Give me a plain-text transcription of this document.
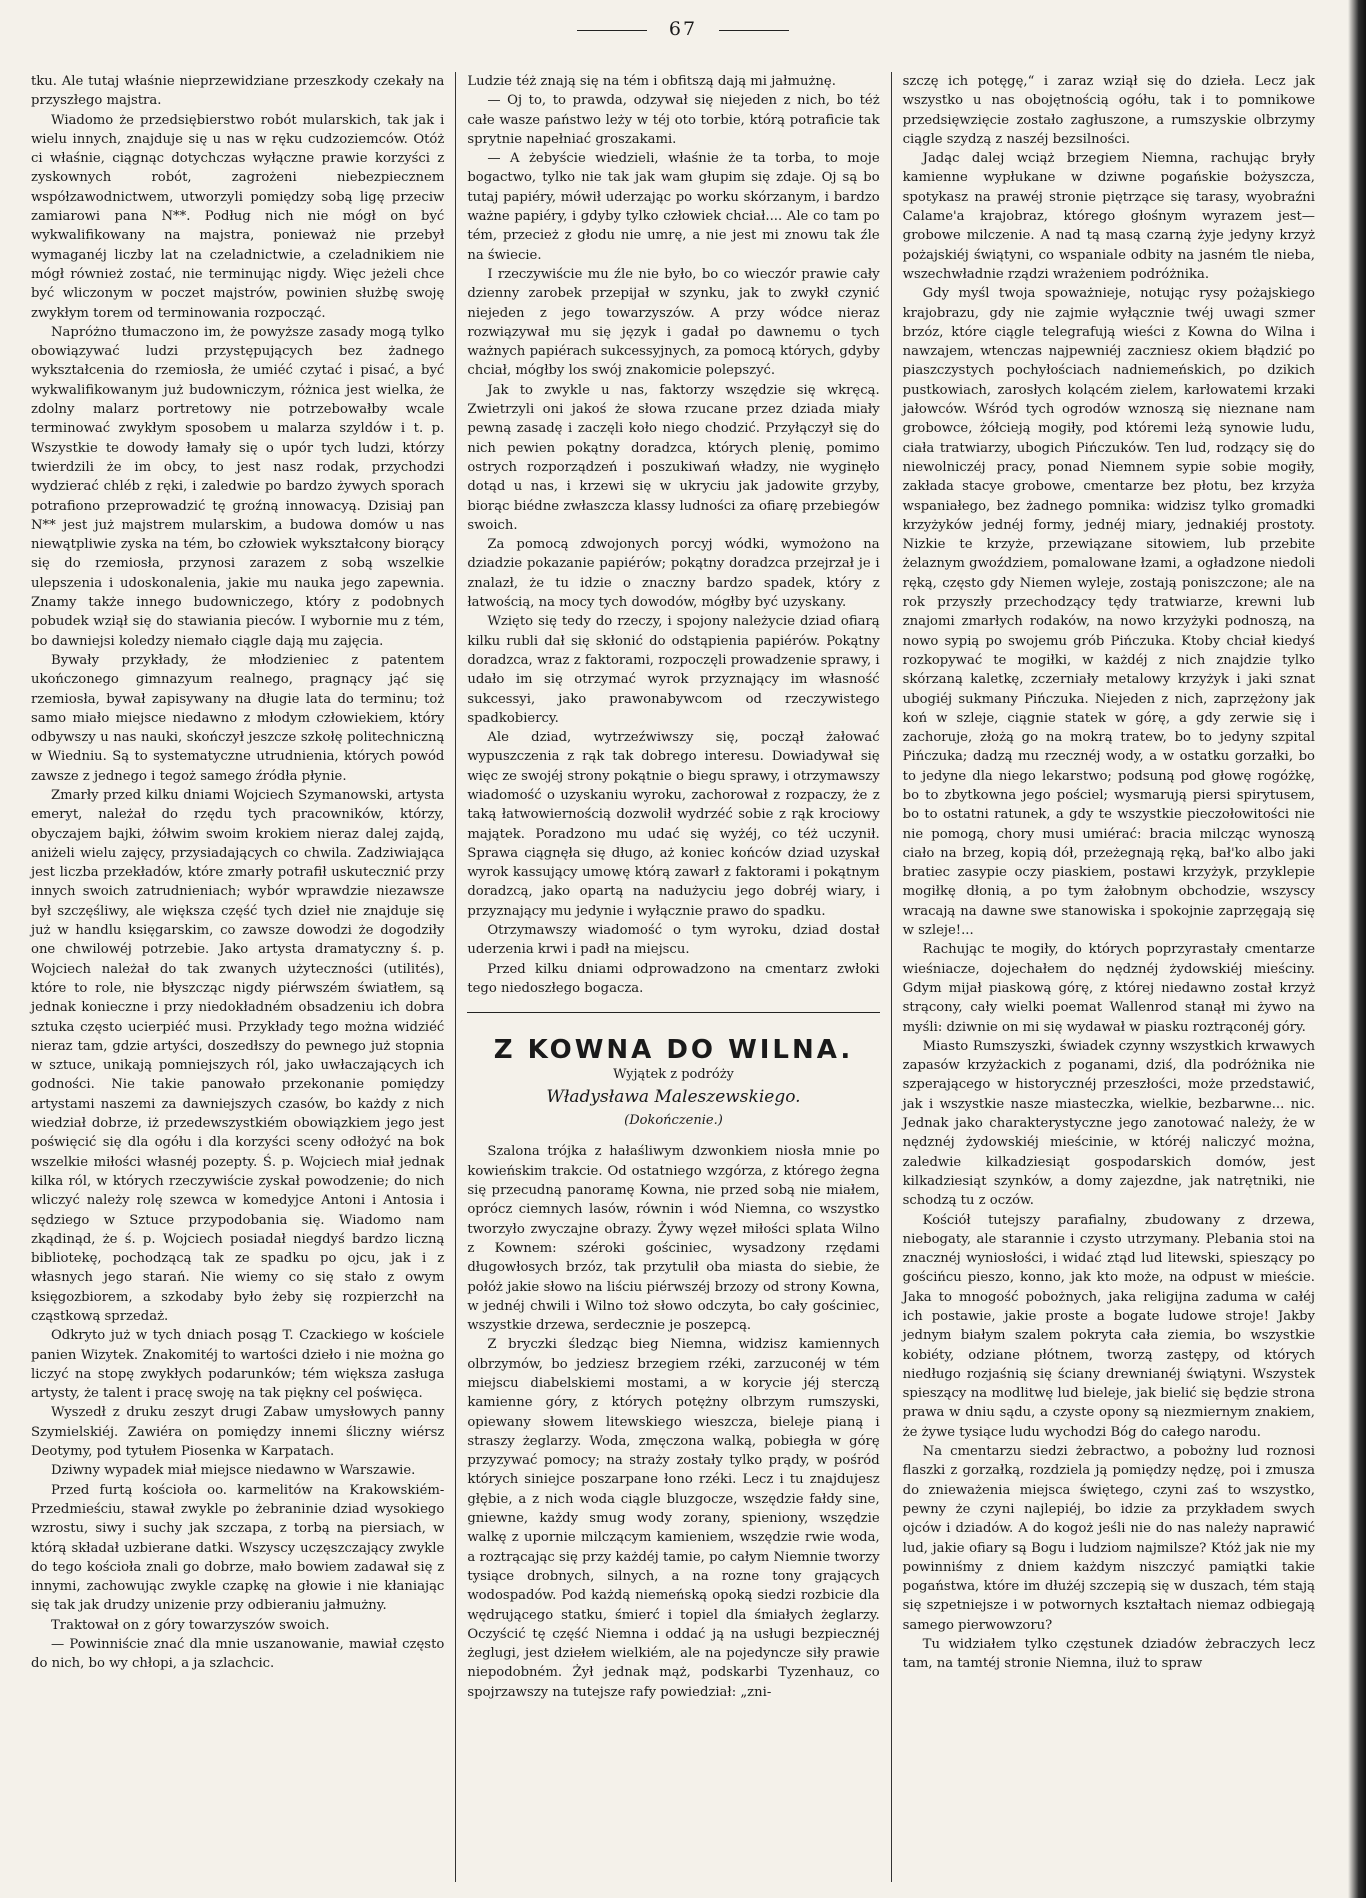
67

tku. Ale tutaj właśnie nieprzewidziane przeszkody czekały na przyszłego majstra.

Wiadomo że przedsiębierstwo robót mularskich, tak jak i wielu innych, znajduje się u nas w ręku cudzoziemców. Otóż ci właśnie, ciągnąc dotychczas wyłączne prawie korzyści z zyskownych robót, zagrożeni niebezpiecznem współzawodnictwem, utworzyli pomiędzy sobą ligę przeciw zamiarowi pana N**. Podług nich nie mógł on być wykwalifikowany na majstra, ponieważ nie przebył wymaganéj liczby lat na czeladnictwie, a czeladnikiem nie mógł również zostać, nie terminując nigdy. Więc jeżeli chce być wliczonym w poczet majstrów, powinien służbę swoję zwykłym torem od terminowania rozpocząć.

Napróżno tłumaczono im, że powyższe zasady mogą tylko obowiązywać ludzi przystępujących bez żadnego wykształcenia do rzemiosła, że umiéć czytać i pisać, a być wykwalifikowanym już budowniczym, różnica jest wielka, że zdolny malarz portretowy nie potrzebowałby wcale terminować zwykłym sposobem u malarza szyldów i t. p. Wszystkie te dowody łamały się o upór tych ludzi, którzy twierdzili że im obcy, to jest nasz rodak, przychodzi wydzierać chléb z ręki, i zaledwie po bardzo żywych sporach potrafiono przeprowadzić tę groźną innowacyą. Dzisiaj pan N** jest już majstrem mularskim, a budowa domów u nas niewątpliwie zyska na tém, bo człowiek wykształcony biorący się do rzemiosła, przynosi zarazem z sobą wszelkie ulepszenia i udoskonalenia, jakie mu nauka jego zapewnia. Znamy także innego budowniczego, który z podobnych pobudek wziął się do stawiania pieców. I wybornie mu z tém, bo dawniejsi koledzy niemało ciągle dają mu zajęcia.

Bywały przykłady, że młodzieniec z patentem ukończonego gimnazyum realnego, pragnący jąć się rzemiosła, bywał zapisywany na długie lata do terminu; toż samo miało miejsce niedawno z młodym człowiekiem, który odbywszy u nas nauki, skończył jeszcze szkołę politechniczną w Wiedniu. Są to systematyczne utrudnienia, których powód zawsze z jednego i tegoż samego źródła płynie.

Zmarły przed kilku dniami Wojciech Szymanowski, artysta emeryt, należał do rzędu tych pracowników, którzy, obyczajem bajki, żółwim swoim krokiem nieraz dalej zajdą, aniżeli wielu zajęcy, przysiadających co chwila. Zadziwiająca jest liczba przekładów, które zmarły potrafił uskutecznić przy innych swoich zatrudnieniach; wybór wprawdzie niezawsze był szczęśliwy, ale większa część tych dzieł nie znajduje się już w handlu księgarskim, co zawsze dowodzi że dogodziły one chwilowéj potrzebie. Jako artysta dramatyczny ś. p. Wojciech należał do tak zwanych użyteczności (utilités), które to role, nie błyszcząc nigdy piérwszém światłem, są jednak konieczne i przy niedokładném obsadzeniu ich dobra sztuka często ucierpiéć musi. Przykłady tego można widziéć nieraz tam, gdzie artyści, doszedłszy do pewnego już stopnia w sztuce, unikają pomniejszych ról, jako uwłaczających ich godności. Nie takie panowało przekonanie pomiędzy artystami naszemi za dawniejszych czasów, bo każdy z nich wiedział dobrze, iż przedewszystkiém obowiązkiem jego jest poświęcić się dla ogółu i dla korzyści sceny odłożyć na bok wszelkie miłości własnéj pozepty. Ś. p. Wojciech miał jednak kilka ról, w których rzeczywiście zyskał powodzenie; do nich wliczyć należy rolę szewca w komedyjce Antoni i Antosia i sędziego w Sztuce przypodobania się. Wiadomo nam zkądinąd, że ś. p. Wojciech posiadał niegdyś bardzo liczną bibliotekę, pochodzącą tak ze spadku po ojcu, jak i z własnych jego starań. Nie wiemy co się stało z owym księgozbiorem, a szkodaby było żeby się rozpierzchł na cząstkową sprzedaż.

Odkryto już w tych dniach posąg T. Czackiego w kościele panien Wizytek. Znakomitéj to wartości dzieło i nie można go liczyć na stopę zwykłych podarunków; tém większa zasługa artysty, że talent i pracę swoję na tak piękny cel poświęca.

Wyszedł z druku zeszyt drugi Zabaw umysłowych panny Szymielskiéj. Zawiéra on pomiędzy innemi śliczny wiérsz Deotymy, pod tytułem Piosenka w Karpatach.

Dziwny wypadek miał miejsce niedawno w Warszawie.

Przed furtą kościoła oo. karmelitów na Krakowskiém-Przedmieściu, stawał zwykle po żebraninie dziad wysokiego wzrostu, siwy i suchy jak szczapa, z torbą na piersiach, w którą składał uzbierane datki. Wszyscy uczęszczający zwykle do tego kościoła znali go dobrze, mało bowiem zadawał się z innymi, zachowując zwykle czapkę na głowie i nie kłaniając się tak jak drudzy unizenie przy odbieraniu jałmużny.

Traktował on z góry towarzyszów swoich.

— Powinniście znać dla mnie uszanowanie, mawiał często do nich, bo wy chłopi, a ja szlachcic.

Ludzie téż znają się na tém i obfitszą dają mi jałmużnę.

— Oj to, to prawda, odzywał się niejeden z nich, bo téż całe wasze państwo leży w téj oto torbie, którą potraficie tak sprytnie napełniać groszakami.

— A żebyście wiedzieli, właśnie że ta torba, to moje bogactwo, tylko nie tak jak wam głupim się zdaje. Oj są bo tutaj papiéry, mówił uderzając po worku skórzanym, i bardzo ważne papiéry, i gdyby tylko człowiek chciał.... Ale co tam po tém, przecież z głodu nie umrę, a nie jest mi znowu tak źle na świecie.

I rzeczywiście mu źle nie było, bo co wieczór prawie cały dzienny zarobek przepijał w szynku, jak to zwykł czynić niejeden z jego towarzyszów. A przy wódce nieraz rozwiązywał mu się język i gadał po dawnemu o tych ważnych papiérach sukcessyjnych, za pomocą których, gdyby chciał, mógłby los swój znakomicie polepszyć.

Jak to zwykle u nas, faktorzy wszędzie się wkręcą. Zwietrzyli oni jakoś że słowa rzucane przez dziada miały pewną zasadę i zaczęli koło niego chodzić. Przyłączył się do nich pewien pokątny doradzca, których plenię, pomimo ostrych rozporządzeń i poszukiwań władzy, nie wyginęło dotąd u nas, i krzewi się w ukryciu jak jadowite grzyby, biorąc biédne zwłaszcza klassy ludności za ofiarę przebiegów swoich.

Za pomocą zdwojonych porcyj wódki, wymożono na dziadzie pokazanie papiérów; pokątny doradzca przejrzał je i znalazł, że tu idzie o znaczny bardzo spadek, który z łatwością, na mocy tych dowodów, mógłby być uzyskany.

Wzięto się tedy do rzeczy, i spojony należycie dziad ofiarą kilku rubli dał się skłonić do odstąpienia papiérów. Pokątny doradzca, wraz z faktorami, rozpoczęli prowadzenie sprawy, i udało im się otrzymać wyrok przyznający im własność sukcessyi, jako prawonabywcom od rzeczywistego spadkobiercy.

Ale dziad, wytrzeźwiwszy się, począł żałować wypuszczenia z rąk tak dobrego interesu. Dowiadywał się więc ze swojéj strony pokątnie o biegu sprawy, i otrzymawszy wiadomość o uzyskaniu wyroku, zachorował z rozpaczy, że z taką łatwowiernością dozwolił wydrzéć sobie z rąk krociowy majątek. Poradzono mu udać się wyżéj, co téż uczynił. Sprawa ciągnęła się długo, aż koniec końców dziad uzyskał wyrok kassujący umowę którą zawarł z faktorami i pokątnym doradzcą, jako opartą na nadużyciu jego dobréj wiary, i przyznający mu jedynie i wyłącznie prawo do spadku.

Otrzymawszy wiadomość o tym wyroku, dziad dostał uderzenia krwi i padł na miejscu.

Przed kilku dniami odprowadzono na cmentarz zwłoki tego niedoszłego bogacza.

Z KOWNA DO WILNA.
Wyjątek z podróży
Władysława Maleszewskiego.
(Dokończenie.)

Szalona trójka z hałaśliwym dzwonkiem niosła mnie po kowieńskim trakcie. Od ostatniego wzgórza, z którego żegna się przecudną panoramę Kowna, nie przed sobą nie miałem, oprócz ciemnych lasów, równin i wód Niemna, co wszystko tworzyło zwyczajne obrazy. Żywy węzeł miłości splata Wilno z Kownem: széroki gościniec, wysadzony rzędami długowłosych brzóz, tak przytulił oba miasta do siebie, że połóż jakie słowo na liściu piérwszéj brzozy od strony Kowna, w jednéj chwili i Wilno toż słowo odczyta, bo cały gościniec, wszystkie drzewa, serdecznie je poszepcą.

Z bryczki śledząc bieg Niemna, widzisz kamiennych olbrzymów, bo jedziesz brzegiem rzéki, zarzuconéj w tém miejscu diabelskiemi mostami, a w korycie jéj sterczą kamienne góry, z których potężny olbrzym rumszyski, opiewany słowem litewskiego wieszcza, bieleje pianą i straszy żeglarzy. Woda, zmęczona walką, pobiegła w górę przyzywać pomocy; na straży zostały tylko prądy, w pośród których siniejce poszarpane łono rzéki. Lecz i tu znajdujesz głębie, a z nich woda ciągle bluzgocze, wszędzie fałdy sine, gniewne, każdy smug wody zorany, spieniony, wszędzie walkę z upornie milczącym kamieniem, wszędzie rwie woda, a roztrącając się przy każdéj tamie, po całym Niemnie tworzy tysiące drobnych, silnych, a na rozne tony grających wodospadów. Pod każdą niemeńską opoką siedzi rozbicie dla wędrującego statku, śmierć i topiel dla śmiałych żeglarzy. Oczyścić tę część Niemna i oddać ją na usługi bezpiecznéj żeglugi, jest dziełem wielkiém, ale na pojedyncze siły prawie niepodobném. Żył jednak mąż, podskarbi Tyzenhauz, co spojrzawszy na tutejsze rafy powiedział: „zni-

szczę ich potęgę,“ i zaraz wziął się do dzieła. Lecz jak wszystko u nas obojętnością ogółu, tak i to pomnikowe przedsięwzięcie zostało zagłuszone, a rumszyskie olbrzymy ciągle szydzą z naszéj bezsilności.

Jadąc dalej wciąż brzegiem Niemna, rachując bryły kamienne wypłukane w dziwne pogańskie bożyszcza, spotykasz na prawéj stronie piętrzące się tarasy, wyobraźni Calame'a krajobraz, którego głośnym wyrazem jest—grobowe milczenie. A nad tą masą czarną żyje jedyny krzyż pożajskiéj świątyni, co wspaniale odbity na jasném tle nieba, wszechwładnie rządzi wrażeniem podróżnika.

Gdy myśl twoja spoważnieje, notując rysy pożajskiego krajobrazu, gdy nie zajmie wyłącznie twéj uwagi szmer brzóz, które ciągle telegrafują wieści z Kowna do Wilna i nawzajem, wtenczas najpewniéj zaczniesz okiem błądzić po piaszczystych pochyłościach nadniemeńskich, po dzikich pustkowiach, zarosłych kolącém zielem, karłowatemi krzaki jałowców. Wśród tych ogrodów wznoszą się nieznane nam grobowce, żółcieją mogiły, pod któremi leżą synowie ludu, ciała tratwiarzy, ubogich Pińczuków. Ten lud, rodzący się do niewolniczéj pracy, ponad Niemnem sypie sobie mogiły, zakłada stacye grobowe, cmentarze bez płotu, bez krzyża wspaniałego, bez żadnego pomnika: widzisz tylko gromadki krzyżyków jednéj formy, jednéj miary, jednakiéj prostoty. Nizkie te krzyże, przewiązane sitowiem, lub przebite żelaznym gwoździem, pomalowane łzami, a ogładzone niedoli ręką, często gdy Niemen wyleje, zostają poniszczone; ale na rok przyszły przechodzący tędy tratwiarze, krewni lub znajomi zmarłych rodaków, na nowo krzyżyki podnoszą, na nowo sypią po swojemu grób Pińczuka. Ktoby chciał kiedyś rozkopywać te mogiłki, w każdéj z nich znajdzie tylko skórzaną kaletkę, zczerniały metalowy krzyżyk i jaki sznat ubogiéj sukmany Pińczuka. Niejeden z nich, zaprzężony jak koń w szleje, ciągnie statek w górę, a gdy zerwie się i zachoruje, złożą go na mokrą tratew, bo to jedyny szpital Pińczuka; dadzą mu rzecznéj wody, a w ostatku gorzałki, bo to jedyne dla niego lekarstwo; podsuną pod głowę rogóżkę, bo to zbytkowna jego pościel; wysmarują piersi spirytusem, bo to ostatni ratunek, a gdy te wszystkie pieczołowitości nie nie pomogą, chory musi umiérać: bracia milcząc wynoszą ciało na brzeg, kopią dół, przeżegnają ręką, bał'ko albo jaki bratiec zasypie oczy piaskiem, postawi krzyżyk, przyklepie mogiłkę dłonią, a po tym żałobnym obchodzie, wszyscy wracają na dawne swe stanowiska i spokojnie zaprzęgają się w szleje!...

Rachując te mogiły, do których poprzyrastały cmentarze wieśniacze, dojechałem do nędznéj żydowskiéj mieściny. Gdym mijał piaskową górę, z której niedawno został krzyż strącony, cały wielki poemat Wallenrod stanął mi żywo na myśli: dziwnie on mi się wydawał w piasku roztrąconéj góry.

Miasto Rumszyszki, świadek czynny wszystkich krwawych zapasów krzyżackich z poganami, dziś, dla podróżnika nie szperającego w historycznéj przeszłości, może przedstawić, jak i wszystkie nasze miasteczka, wielkie, bezbarwne... nic. Jednak jako charakterystyczne jego zanotować należy, że w nędznéj żydowskiéj mieścinie, w któréj naliczyć można, zaledwie kilkadziesiąt gospodarskich domów, jest kilkadziesiąt szynków, a domy zajezdne, jak natrętniki, nie schodzą tu z oczów.

Kościół tutejszy parafialny, zbudowany z drzewa, niebogaty, ale starannie i czysto utrzymany. Plebania stoi na znacznéj wyniosłości, i widać ztąd lud litewski, spieszący po gościńcu pieszo, konno, jak kto może, na odpust w mieście. Jaka to mnogość pobożnych, jaka religijna zaduma w całéj ich postawie, jakie proste a bogate ludowe stroje! Jakby jednym białym szalem pokryta cała ziemia, bo wszystkie kobiéty, odziane płótnem, tworzą zastępy, od których niedługo rozjaśnią się ściany drewnianéj świątyni. Wszystek spieszący na modlitwę lud bieleje, jak bielić się będzie strona prawa w dniu sądu, a czyste opony są niezmiernym znakiem, że żywe tysiące ludu wychodzi Bóg do całego narodu.

Na cmentarzu siedzi żebractwo, a pobożny lud roznosi flaszki z gorzałką, rozdziela ją pomiędzy nędzę, poi i zmusza do znieważenia miejsca świętego, czyni zaś to wszystko, pewny że czyni najlepiéj, bo idzie za przykładem swych ojców i dziadów. A do kogoż jeśli nie do nas należy naprawić lud, jakie ofiary są Bogu i ludziom najmilsze? Któż jak nie my powinniśmy z dniem każdym niszczyć pamiątki takie pogaństwa, które im dłużéj szczepią się w duszach, tém stają się szpetniejsze i w potwornych kształtach niemaz odbiegają samego pierwowzoru?

Tu widziałem tylko częstunek dziadów żebraczych lecz tam, na tamtéj stronie Niemna, iluż to spraw
